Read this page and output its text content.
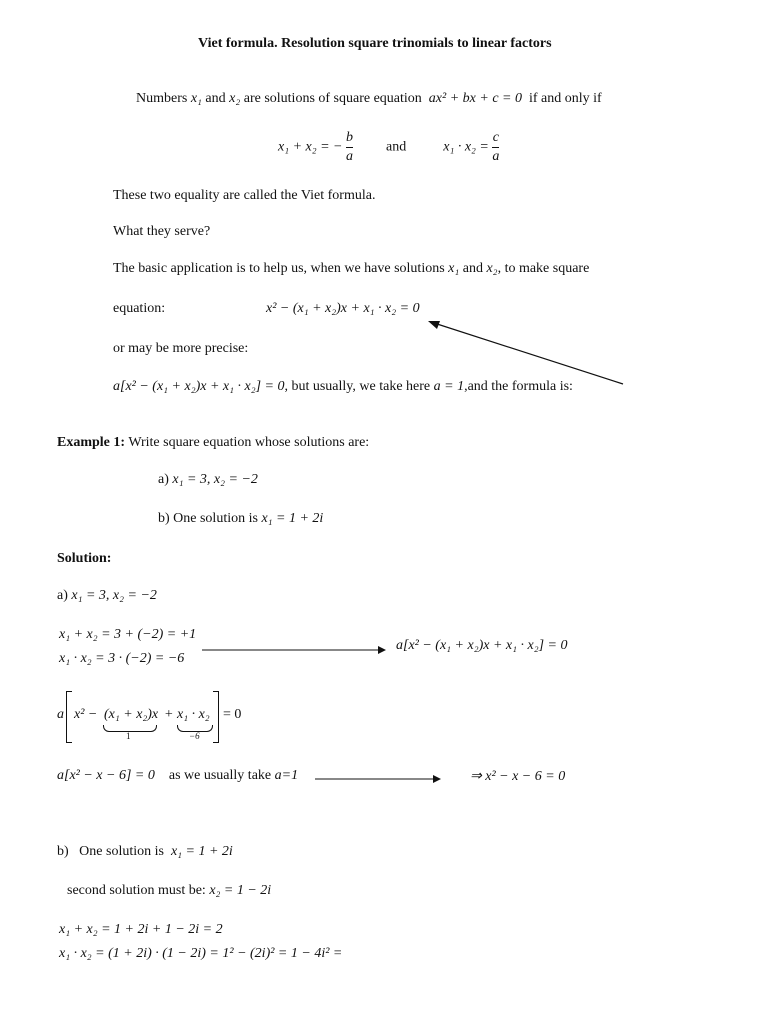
Viet formula. Resolution square trinomials to linear factors
Numbers x₁ and x₂ are solutions of square equation ax² + bx + c = 0 if and only if
x₁ + x₂ = − $\frac{b}{a}$ and	$x_1 \cdot x_2 = \frac{c}{a}$
These two equality are called the Viet formula.
What they serve?
The basic application is to help us, when we have solutions x₁ and x₂, to make square
equation:	x² − (x₁ + x₂)x + x₁ · x₂ = 0
or may be more precise:
a[x² − (x₁ + x₂)x + x₁ · x₂] = 0, but usually, we take here a = 1,and the formula is:
Example 1: Write square equation whose solutions are:
a) x₁ = 3, x₂ = −2
b) One solution is x₁ = 1 + 2i
Solution:
a) x₁ = 3, x₂ = −2
x₁ + x₂ = 3 + (−2) = +1
x₁ · x₂ = 3 · (−2) = −6
a[x² − (x₁ + x₂)x + x₁ · x₂] = 0
a x² − (x₁ + x₂)x + x₁ · x₂
1	−6
= 0
a[x² − x − 6] = 0 as we usually take a=1	⇒ x² − x − 6 = 0
b) One solution is x₁ = 1 + 2i
second solution must be: x₂ = 1 − 2i
x₁ + x₂ = 1 + 2i + 1 − 2i = 2
x₁ · x₂ = (1 + 2i) · (1 − 2i) = 1² − (2i)² = 1 − 4i² =
